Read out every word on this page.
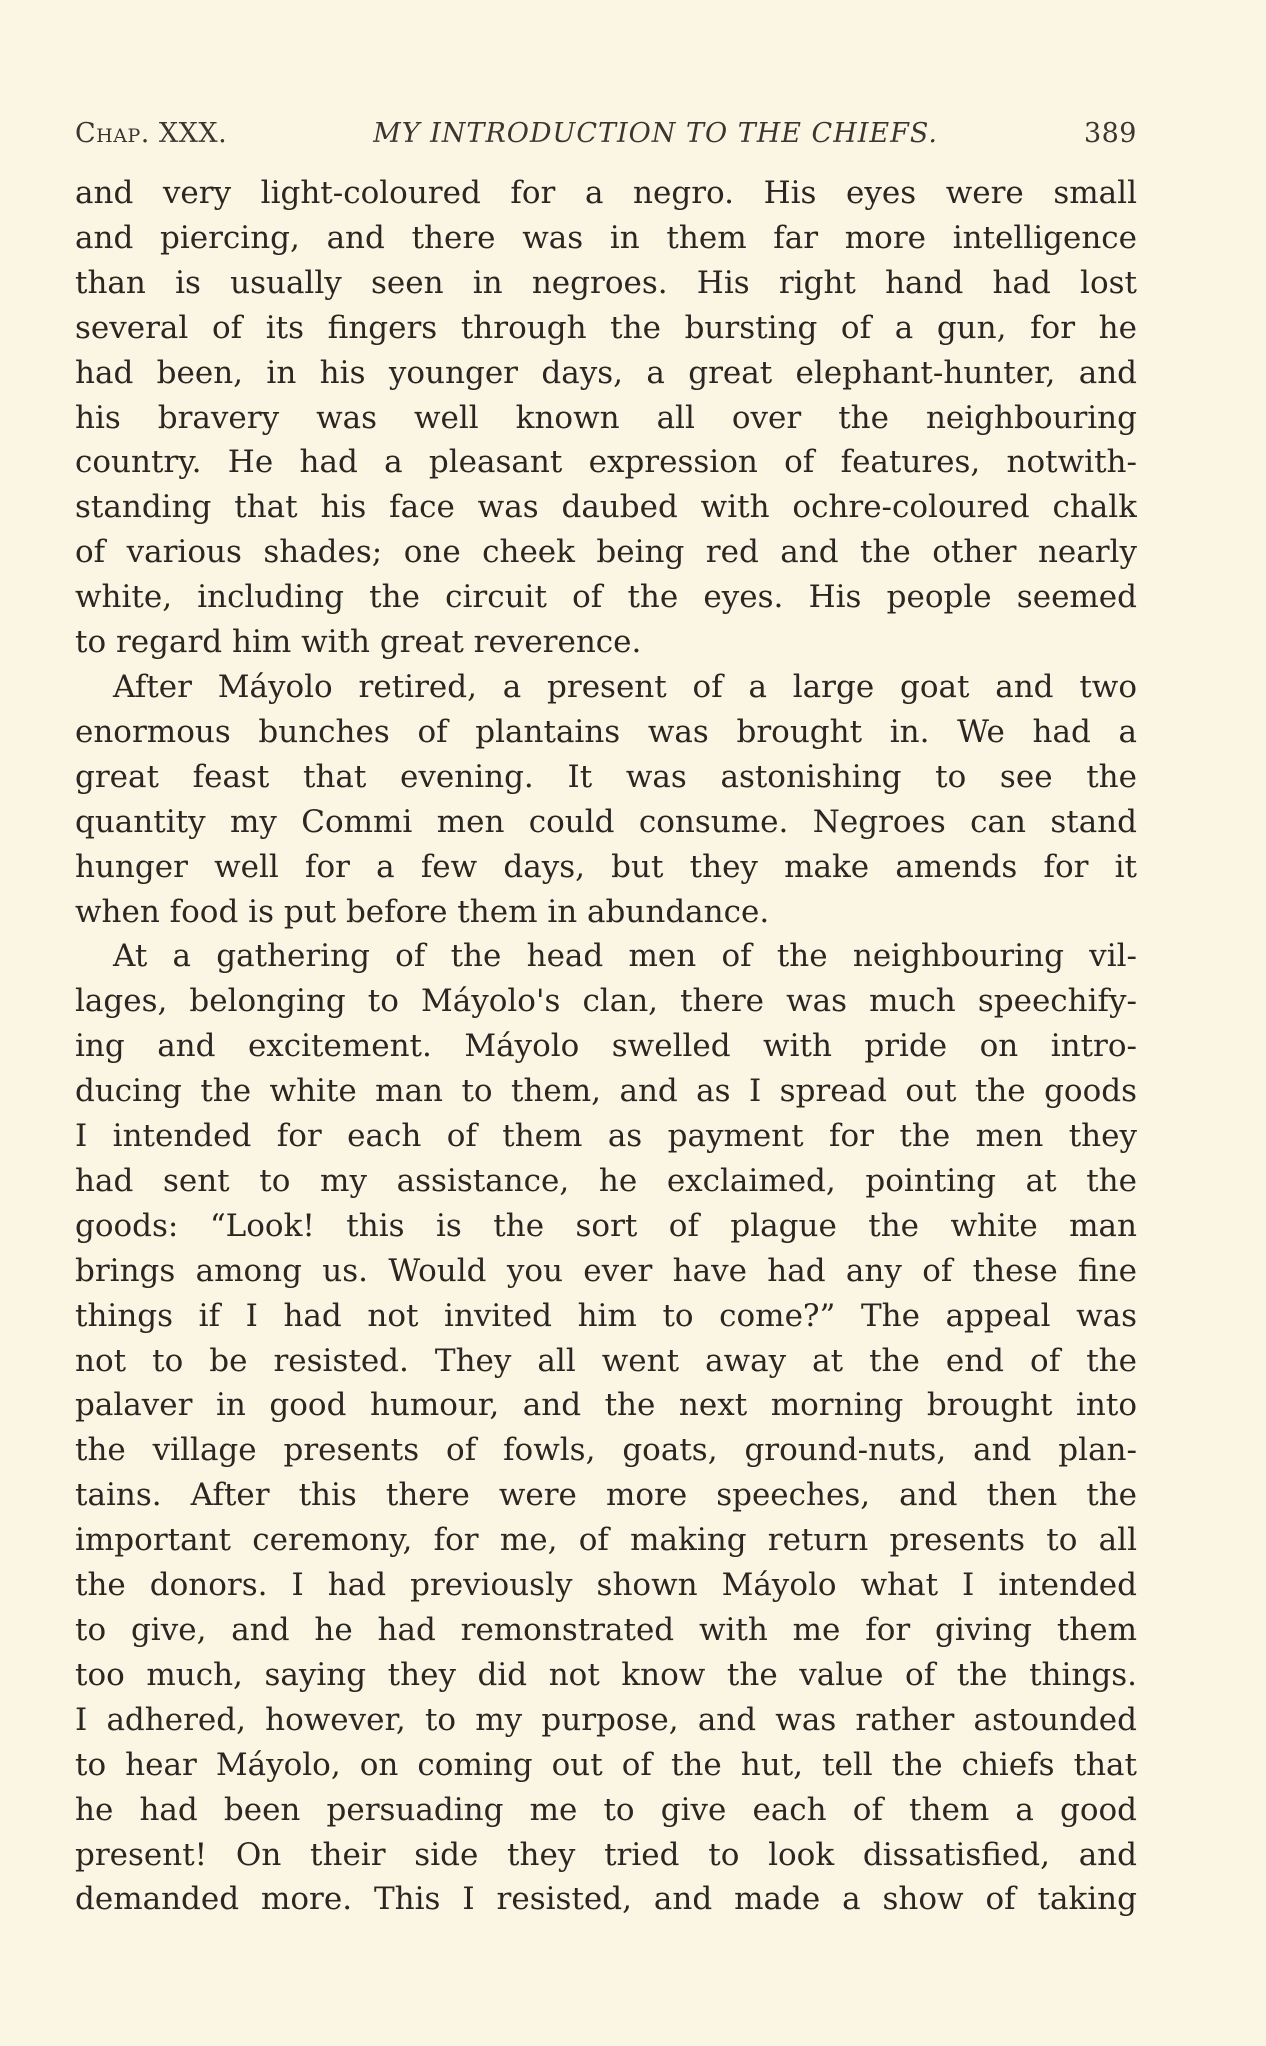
Chap. XXX.	MY INTRODUCTION TO THE CHIEFS.	389
and very light-coloured for a negro. His eyes were small
and piercing, and there was in them far more intelligence
than is usually seen in negroes. His right hand had lost
several of its fingers through the bursting of a gun, for he
had been, in his younger days, a great elephant-hunter, and
his bravery was well known all over the neighbouring
country. He had a pleasant expression of features, notwith-
standing that his face was daubed with ochre-coloured chalk
of various shades; one cheek being red and the other nearly
white, including the circuit of the eyes. His people seemed
to regard him with great reverence.
After Máyolo retired, a present of a large goat and two
enormous bunches of plantains was brought in. We had a
great feast that evening. It was astonishing to see the
quantity my Commi men could consume. Negroes can stand
hunger well for a few days, but they make amends for it
when food is put before them in abundance.
At a gathering of the head men of the neighbouring vil-
lages, belonging to Máyolo's clan, there was much speechify-
ing and excitement. Máyolo swelled with pride on intro-
ducing the white man to them, and as I spread out the goods
I intended for each of them as payment for the men they
had sent to my assistance, he exclaimed, pointing at the
goods: “Look! this is the sort of plague the white man
brings among us. Would you ever have had any of these fine
things if I had not invited him to come?” The appeal was
not to be resisted. They all went away at the end of the
palaver in good humour, and the next morning brought into
the village presents of fowls, goats, ground-nuts, and plan-
tains. After this there were more speeches, and then the
important ceremony, for me, of making return presents to all
the donors. I had previously shown Máyolo what I intended
to give, and he had remonstrated with me for giving them
too much, saying they did not know the value of the things.
I adhered, however, to my purpose, and was rather astounded
to hear Máyolo, on coming out of the hut, tell the chiefs that
he had been persuading me to give each of them a good
present! On their side they tried to look dissatisfied, and
demanded more. This I resisted, and made a show of taking
